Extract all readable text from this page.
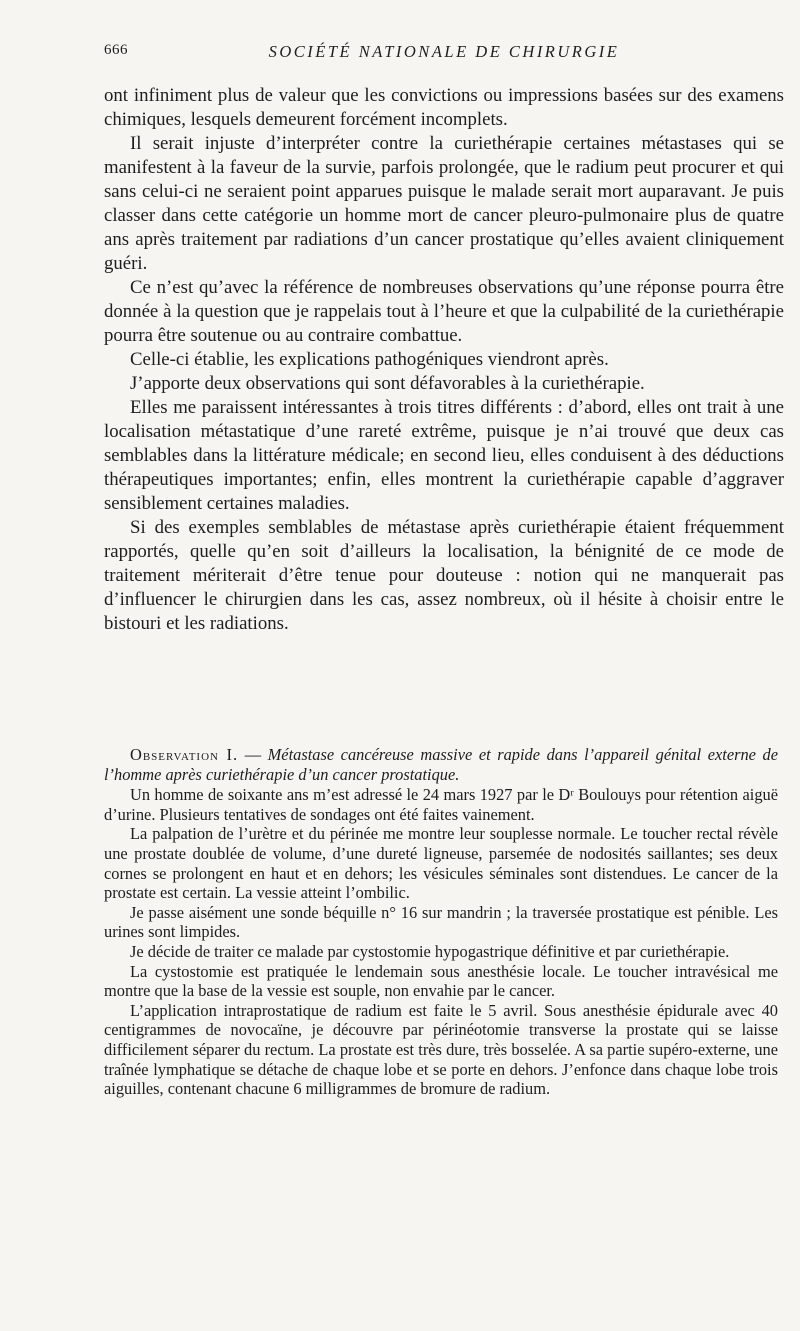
666	SOCIÉTÉ NATIONALE DE CHIRURGIE

ont infiniment plus de valeur que les convictions ou impressions basées sur des examens chimiques, lesquels demeurent forcément incomplets.

Il serait injuste d’interpréter contre la curiethérapie certaines métastases qui se manifestent à la faveur de la survie, parfois prolongée, que le radium peut procurer et qui sans celui-ci ne seraient point apparues puisque le malade serait mort auparavant. Je puis classer dans cette catégorie un homme mort de cancer pleuro-pulmonaire plus de quatre ans après traitement par radiations d’un cancer prostatique qu’elles avaient cliniquement guéri.

Ce n’est qu’avec la référence de nombreuses observations qu’une réponse pourra être donnée à la question que je rappelais tout à l’heure et que la culpabilité de la curiethérapie pourra être soutenue ou au contraire combattue.

Celle-ci établie, les explications pathogéniques viendront après.

J’apporte deux observations qui sont défavorables à la curiethérapie.

Elles me paraissent intéressantes à trois titres différents : d’abord, elles ont trait à une localisation métastatique d’une rareté extrême, puisque je n’ai trouvé que deux cas semblables dans la littérature médicale; en second lieu, elles conduisent à des déductions thérapeutiques importantes; enfin, elles montrent la curiethérapie capable d’aggraver sensiblement certaines maladies.

Si des exemples semblables de métastase après curiethérapie étaient fréquemment rapportés, quelle qu’en soit d’ailleurs la localisation, la bénignité de ce mode de traitement mériterait d’être tenue pour douteuse : notion qui ne manquerait pas d’influencer le chirurgien dans les cas, assez nombreux, où il hésite à choisir entre le bistouri et les radiations.

Observation I. — Métastase cancéreuse massive et rapide dans l’appareil génital externe de l’homme après curiethérapie d’un cancer prostatique.

Un homme de soixante ans m’est adressé le 24 mars 1927 par le Dʳ Boulouys pour rétention aiguë d’urine. Plusieurs tentatives de sondages ont été faites vainement.

La palpation de l’urètre et du périnée me montre leur souplesse normale. Le toucher rectal révèle une prostate doublée de volume, d’une dureté ligneuse, parsemée de nodosités saillantes; ses deux cornes se prolongent en haut et en dehors; les vésicules séminales sont distendues. Le cancer de la prostate est certain. La vessie atteint l’ombilic.

Je passe aisément une sonde béquille n° 16 sur mandrin ; la traversée prostatique est pénible. Les urines sont limpides.

Je décide de traiter ce malade par cystostomie hypogastrique définitive et par curiethérapie.

La cystostomie est pratiquée le lendemain sous anesthésie locale. Le toucher intravésical me montre que la base de la vessie est souple, non envahie par le cancer.

L’application intraprostatique de radium est faite le 5 avril. Sous anesthésie épidurale avec 40 centigrammes de novocaïne, je découvre par périnéotomie transverse la prostate qui se laisse difficilement séparer du rectum. La prostate est très dure, très bosselée. A sa partie supéro-externe, une traînée lymphatique se détache de chaque lobe et se porte en dehors. J’enfonce dans chaque lobe trois aiguilles, contenant chacune 6 milligrammes de bromure de radium.
